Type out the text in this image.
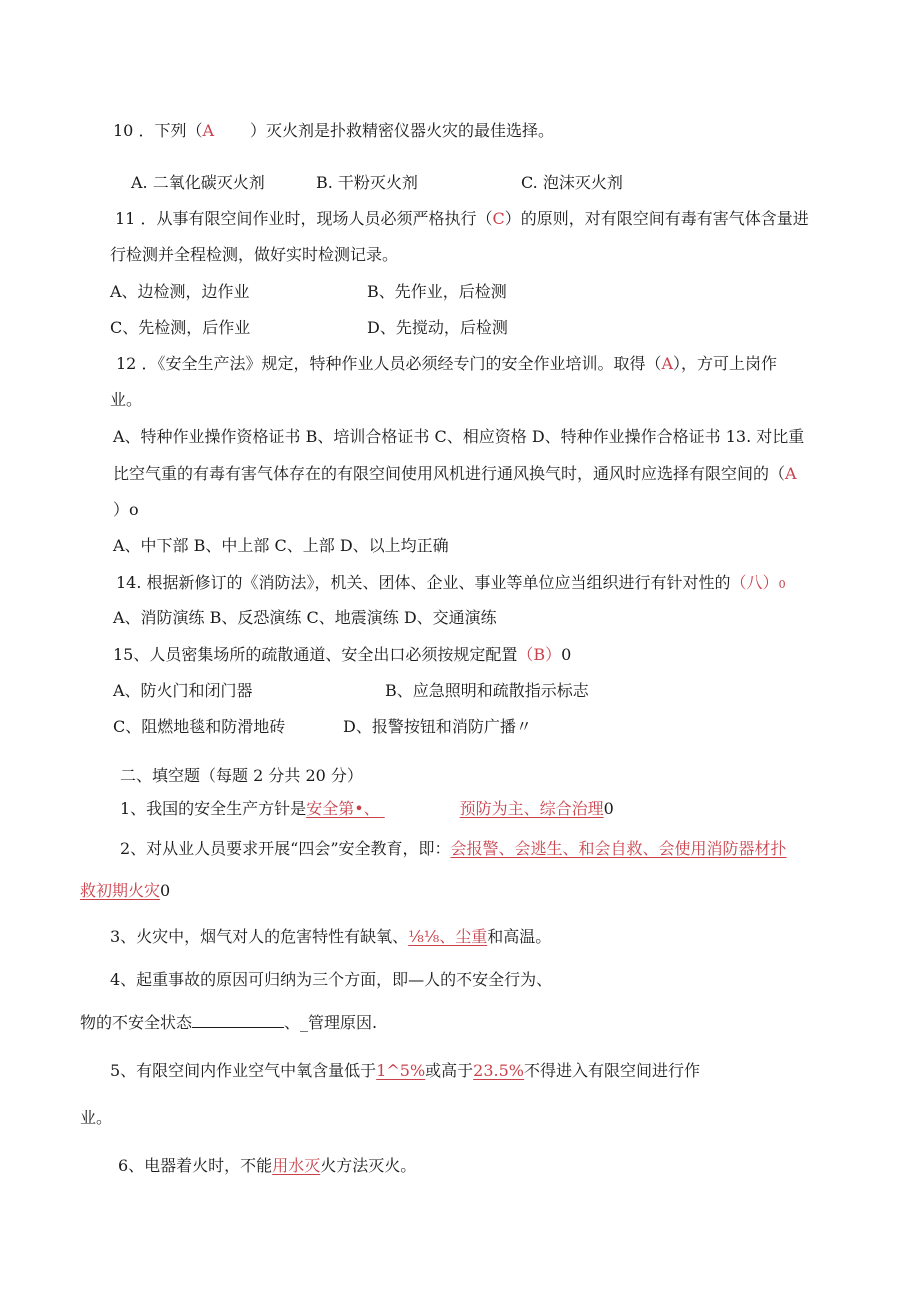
10 ．下列（A ）灭火剂是扑救精密仪器火灾的最佳选择。
A. 二氧化碳灭火剂	B. 干粉灭火剂	C. 泡沫灭火剂
11 ．从事有限空间作业时，现场人员必须严格执行（C）的原则，对有限空间有毒有害气体含量进
行检测并全程检测，做好实时检测记录。
A、边检测，边作业	B、先作业，后检测
C、先检测，后作业	D、先搅动，后检测
12 ．《安全生产法》规定，特种作业人员必须经专门的安全作业培训。取得（A），方可上岗作
业。
A、特种作业操作资格证书 B、培训合格证书 C、相应资格 D、特种作业操作合格证书 13. 对比重
比空气重的有毒有害气体存在的有限空间使用风机进行通风换气时，通风时应选择有限空间的（A
）o
A、中下部 B、中上部 C、上部 D、以上均正确
14. 根据新修订的《消防法》，机关、团体、企业、事业等单位应当组织进行有针对性的（八）0
A、消防演练 B、反恐演练 C、地震演练 D、交通演练
15、人员密集场所的疏散通道、安全出口必须按规定配置（B）0
A、防火门和闭门器	B、应急照明和疏散指示标志
C、阻燃地毯和防滑地砖	D、报警按钮和消防广播〃
二、填空题（每题 2 分共 20 分）
1、我国的安全生产方针是安全第•、	预防为主、综合治理0
2、对从业人员要求开展“四会”安全教育，即：会报警、会逃生、和会自救、会使用消防器材扑
救初期火灾0
3、火灾中，烟气对人的危害特性有缺氧、⅛⅛、尘重和高温。
4、起重事故的原因可归纳为三个方面，即—人的不安全行为、
物的不安全状态	、_管理原因.
5、有限空间内作业空气中氧含量低于1^5%或高于23.5%不得进入有限空间进行作
业。
6、电器着火时，不能用水灭火方法灭火。
